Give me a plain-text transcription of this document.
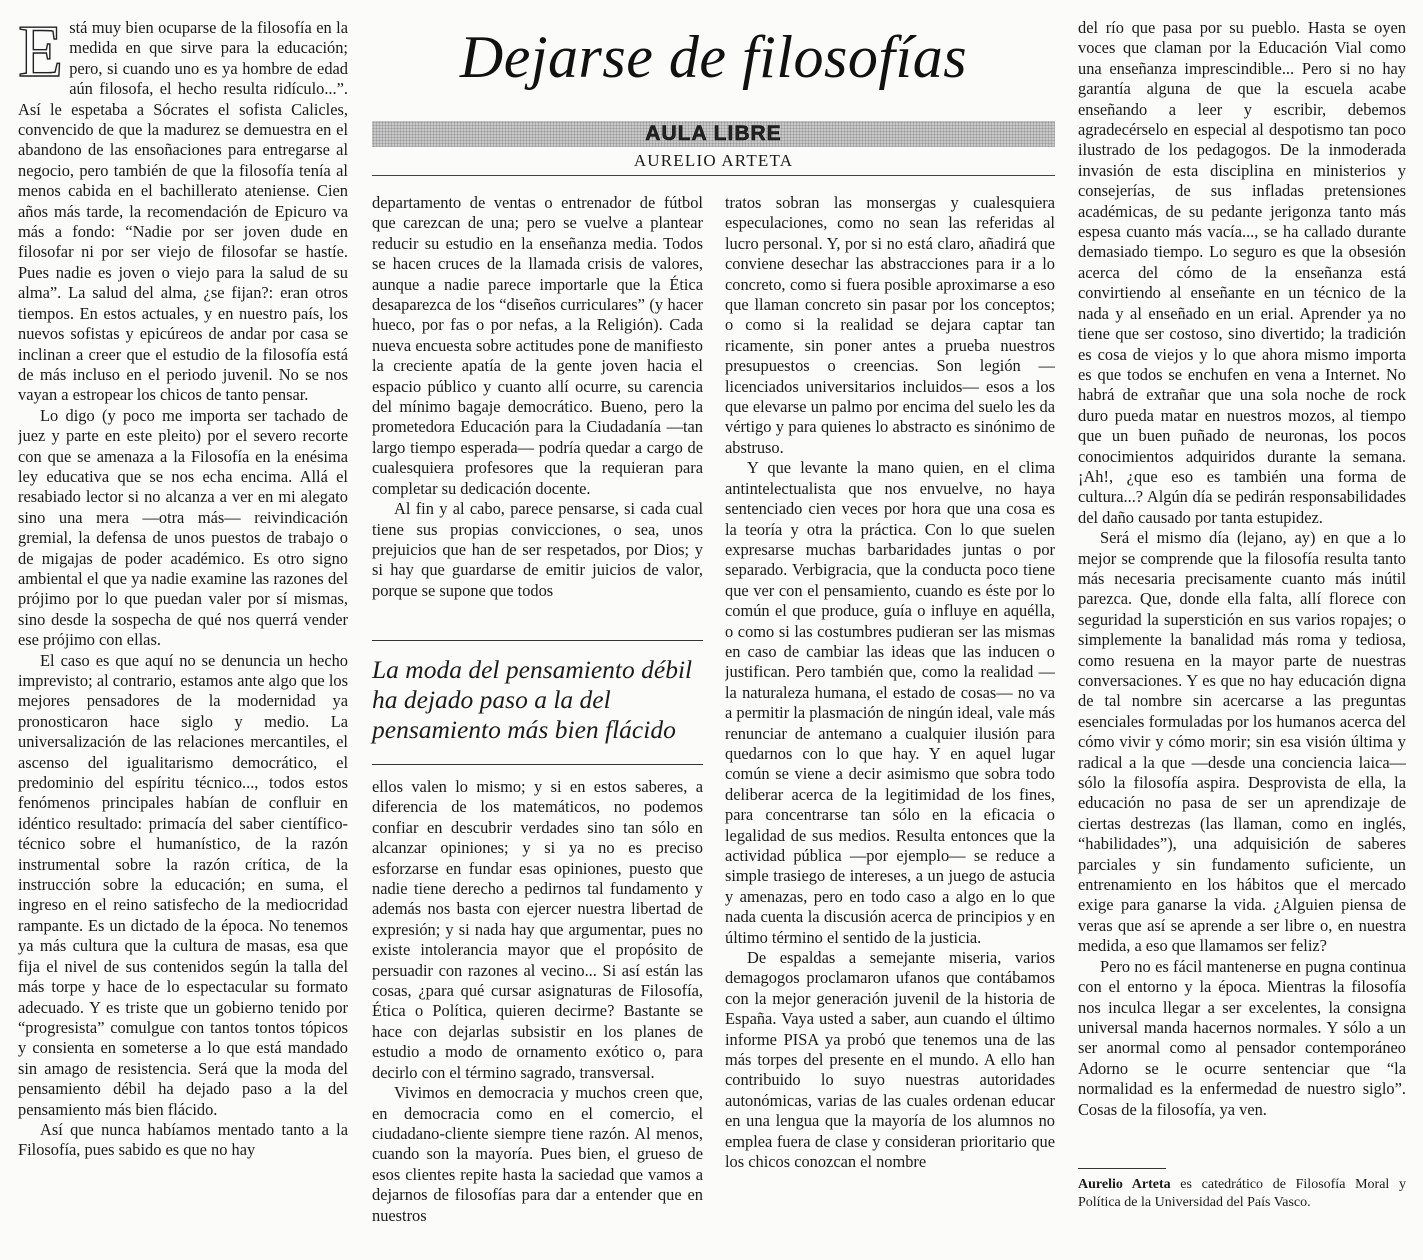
Está muy bien ocuparse de la filosofía en la medida en que sirve para la educación; pero, si cuando uno es ya hombre de edad aún filosofa, el hecho resulta ridículo...”. Así le espetaba a Sócrates el sofista Calicles, convencido de que la madurez se demuestra en el abandono de las ensoñaciones para entregarse al negocio, pero también de que la filosofía tenía al menos cabida en el bachillerato ateniense. Cien años más tarde, la recomendación de Epicuro va más a fondo: “Nadie por ser joven dude en filosofar ni por ser viejo de filosofar se hastíe. Pues nadie es joven o viejo para la salud de su alma”. La salud del alma, ¿se fijan?: eran otros tiempos. En estos actuales, y en nuestro país, los nuevos sofistas y epicúreos de andar por casa se inclinan a creer que el estudio de la filosofía está de más incluso en el periodo juvenil. No se nos vayan a estropear los chicos de tanto pensar.

Lo digo (y poco me importa ser tachado de juez y parte en este pleito) por el severo recorte con que se amenaza a la Filosofía en la enésima ley educativa que se nos echa encima. Allá el resabiado lector si no alcanza a ver en mi alegato sino una mera —otra más— reivindicación gremial, la defensa de unos puestos de trabajo o de migajas de poder académico. Es otro signo ambiental el que ya nadie examine las razones del prójimo por lo que puedan valer por sí mismas, sino desde la sospecha de qué nos querrá vender ese prójimo con ellas.

El caso es que aquí no se denuncia un hecho imprevisto; al contrario, estamos ante algo que los mejores pensadores de la modernidad ya pronosticaron hace siglo y medio. La universalización de las relaciones mercantiles, el ascenso del igualitarismo democrático, el predominio del espíritu técnico..., todos estos fenómenos principales habían de confluir en idéntico resultado: primacía del saber científico-técnico sobre el humanístico, de la razón instrumental sobre la razón crítica, de la instrucción sobre la educación; en suma, el ingreso en el reino satisfecho de la mediocridad rampante. Es un dictado de la época. No tenemos ya más cultura que la cultura de masas, esa que fija el nivel de sus contenidos según la talla del más torpe y hace de lo espectacular su formato adecuado. Y es triste que un gobierno tenido por “progresista” comulgue con tantos tontos tópicos y consienta en someterse a lo que está mandado sin amago de resistencia. Será que la moda del pensamiento débil ha dejado paso a la del pensamiento más bien flácido.

Así que nunca habíamos mentado tanto a la Filosofía, pues sabido es que no hay

Dejarse de filosofías
AULA LIBRE
AURELIO ARTETA

departamento de ventas o entrenador de fútbol que carezcan de una; pero se vuelve a plantear reducir su estudio en la enseñanza media. Todos se hacen cruces de la llamada crisis de valores, aunque a nadie parece importarle que la Ética desaparezca de los “diseños curriculares” (y hacer hueco, por fas o por nefas, a la Religión). Cada nueva encuesta sobre actitudes pone de manifiesto la creciente apatía de la gente joven hacia el espacio público y cuanto allí ocurre, su carencia del mínimo bagaje democrático. Bueno, pero la prometedora Educación para la Ciudadanía —tan largo tiempo esperada— podría quedar a cargo de cualesquiera profesores que la requieran para completar su dedicación docente.

Al fin y al cabo, parece pensarse, si cada cual tiene sus propias convicciones, o sea, unos prejuicios que han de ser respetados, por Dios; y si hay que guardarse de emitir juicios de valor, porque se supone que todos

La moda del pensamiento débil ha dejado paso a la del pensamiento más bien flácido

ellos valen lo mismo; y si en estos saberes, a diferencia de los matemáticos, no podemos confiar en descubrir verdades sino tan sólo en alcanzar opiniones; y si ya no es preciso esforzarse en fundar esas opiniones, puesto que nadie tiene derecho a pedirnos tal fundamento y además nos basta con ejercer nuestra libertad de expresión; y si nada hay que argumentar, pues no existe intolerancia mayor que el propósito de persuadir con razones al vecino... Si así están las cosas, ¿para qué cursar asignaturas de Filosofía, Ética o Política, quieren decirme? Bastante se hace con dejarlas subsistir en los planes de estudio a modo de ornamento exótico o, para decirlo con el término sagrado, transversal.

Vivimos en democracia y muchos creen que, en democracia como en el comercio, el ciudadano-cliente siempre tiene razón. Al menos, cuando son la mayoría. Pues bien, el grueso de esos clientes repite hasta la saciedad que vamos a dejarnos de filosofías para dar a entender que en nuestros

tratos sobran las monsergas y cualesquiera especulaciones, como no sean las referidas al lucro personal. Y, por si no está claro, añadirá que conviene desechar las abstracciones para ir a lo concreto, como si fuera posible aproximarse a eso que llaman concreto sin pasar por los conceptos; o como si la realidad se dejara captar tan ricamente, sin poner antes a prueba nuestros presupuestos o creencias. Son legión —licenciados universitarios incluidos— esos a los que elevarse un palmo por encima del suelo les da vértigo y para quienes lo abstracto es sinónimo de abstruso.

Y que levante la mano quien, en el clima antintelectualista que nos envuelve, no haya sentenciado cien veces por hora que una cosa es la teoría y otra la práctica. Con lo que suelen expresarse muchas barbaridades juntas o por separado. Verbigracia, que la conducta poco tiene que ver con el pensamiento, cuando es éste por lo común el que produce, guía o influye en aquélla, o como si las costumbres pudieran ser las mismas en caso de cambiar las ideas que las inducen o justifican. Pero también que, como la realidad —la naturaleza humana, el estado de cosas— no va a permitir la plasmación de ningún ideal, vale más renunciar de antemano a cualquier ilusión para quedarnos con lo que hay. Y en aquel lugar común se viene a decir asimismo que sobra todo deliberar acerca de la legitimidad de los fines, para concentrarse tan sólo en la eficacia o legalidad de sus medios. Resulta entonces que la actividad pública —por ejemplo— se reduce a simple trasiego de intereses, a un juego de astucia y amenazas, pero en todo caso a algo en lo que nada cuenta la discusión acerca de principios y en último término el sentido de la justicia.

De espaldas a semejante miseria, varios demagogos proclamaron ufanos que contábamos con la mejor generación juvenil de la historia de España. Vaya usted a saber, aun cuando el último informe PISA ya probó que tenemos una de las más torpes del presente en el mundo. A ello han contribuido lo suyo nuestras autoridades autonómicas, varias de las cuales ordenan educar en una lengua que la mayoría de los alumnos no emplea fuera de clase y consideran prioritario que los chicos conozcan el nombre

del río que pasa por su pueblo. Hasta se oyen voces que claman por la Educación Vial como una enseñanza imprescindible... Pero si no hay garantía alguna de que la escuela acabe enseñando a leer y escribir, debemos agradecérselo en especial al despotismo tan poco ilustrado de los pedagogos. De la inmoderada invasión de esta disciplina en ministerios y consejerías, de sus infladas pretensiones académicas, de su pedante jerigonza tanto más espesa cuanto más vacía..., se ha callado durante demasiado tiempo. Lo seguro es que la obsesión acerca del cómo de la enseñanza está convirtiendo al enseñante en un técnico de la nada y al enseñado en un erial. Aprender ya no tiene que ser costoso, sino divertido; la tradición es cosa de viejos y lo que ahora mismo importa es que todos se enchufen en vena a Internet. No habrá de extrañar que una sola noche de rock duro pueda matar en nuestros mozos, al tiempo que un buen puñado de neuronas, los pocos conocimientos adquiridos durante la semana. ¡Ah!, ¿que eso es también una forma de cultura...? Algún día se pedirán responsabilidades del daño causado por tanta estupidez.

Será el mismo día (lejano, ay) en que a lo mejor se comprende que la filosofía resulta tanto más necesaria precisamente cuanto más inútil parezca. Que, donde ella falta, allí florece con seguridad la superstición en sus varios ropajes; o simplemente la banalidad más roma y tediosa, como resuena en la mayor parte de nuestras conversaciones. Y es que no hay educación digna de tal nombre sin acercarse a las preguntas esenciales formuladas por los humanos acerca del cómo vivir y cómo morir; sin esa visión última y radical a la que —desde una conciencia laica— sólo la filosofía aspira. Desprovista de ella, la educación no pasa de ser un aprendizaje de ciertas destrezas (las llaman, como en inglés, “habilidades”), una adquisición de saberes parciales y sin fundamento suficiente, un entrenamiento en los hábitos que el mercado exige para ganarse la vida. ¿Alguien piensa de veras que así se aprende a ser libre o, en nuestra medida, a eso que llamamos ser feliz?

Pero no es fácil mantenerse en pugna continua con el entorno y la época. Mientras la filosofía nos inculca llegar a ser excelentes, la consigna universal manda hacernos normales. Y sólo a un ser anormal como al pensador contemporáneo Adorno se le ocurre sentenciar que “la normalidad es la enfermedad de nuestro siglo”. Cosas de la filosofía, ya ven.

Aurelio Arteta es catedrático de Filosofía Moral y Política de la Universidad del País Vasco.
